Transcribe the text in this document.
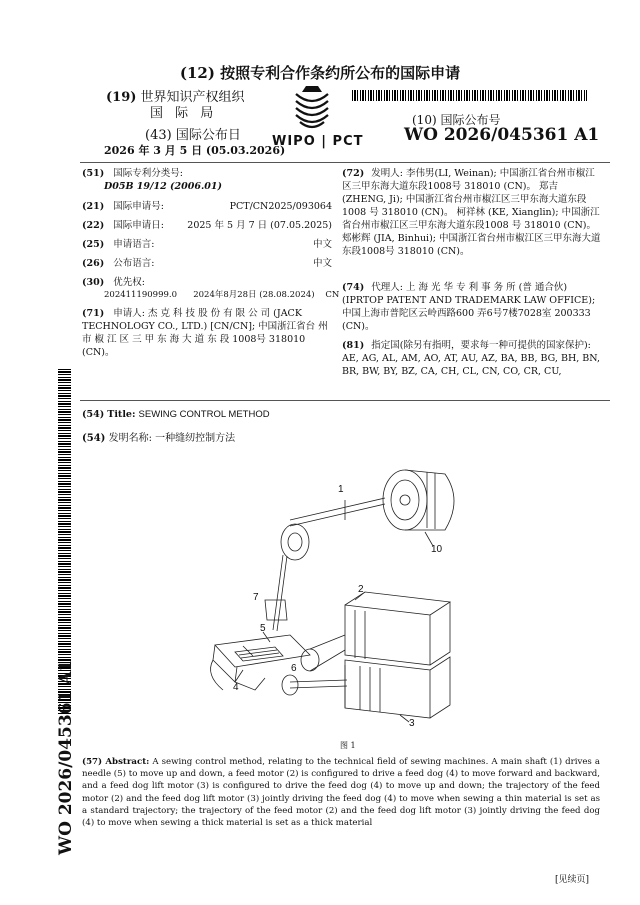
(12) 按照专利合作条约所公布的国际申请
(19) 世界知识产权组织
国 际 局
(43) 国际公布日
2026 年 3 月 5 日 (05.03.2026)
WIPO | PCT
(10) 国际公布号
WO 2026/045361 A1
(51) 国际专利分类号:
D05B 19/12 (2006.01)
(21) 国际申请号:	PCT/CN2025/093064
(22) 国际申请日: 2025 年 5 月 7 日 (07.05.2025)
(25) 申请语言:	中文
(26) 公布语言:	中文
(30) 优先权:
202411190999.0      2024年8月28日 (28.08.2024)    CN
(71) 申请人: 杰 克 科 技 股 份 有 限 公 司 (JACK TECHNOLOGY CO., LTD.) [CN/CN]; 中国浙江省台 州 市 椒 江 区 三 甲 东 海 大 道 东 段 1008号 318010 (CN)。
(72) 发明人: 李伟男(LI, Weinan); 中国浙江省台州市椒江区三甲东海大道东段1008号 318010 (CN)。 郑吉 (ZHENG, Ji); 中国浙江省台州市椒江区三甲东海大道东段1008 号 318010 (CN)。 柯祥林 (KE, Xianglin); 中国浙江省台州市椒江区三甲东海大道东段1008 号 318010 (CN)。 郏彬辉 (JIA, Binhui); 中国浙江省台州市椒江区三甲东海大道东段1008号 318010 (CN)。
(74) 代理人: 上 海 光 华 专 利 事 务 所 (普 通合伙) (IPRTOP PATENT AND TRADEMARK LAW OFFICE); 中国上海市普陀区云岭西路600 弄6号7楼7028室 200333 (CN)。
(81) 指定国(除另有指明，要求每一种可提供的国家保护): AE, AG, AL, AM, AO, AT, AU, AZ, BA, BB, BG, BH, BN, BR, BW, BY, BZ, CA, CH, CL, CN, CO, CR, CU,
(54) Title: SEWING CONTROL METHOD
(54) 发明名称: 一种缝纫控制方法
WO 2026/045361 A1
1
2
3
4
5
6
7
10
图 1
(57) Abstract: A sewing control method, relating to the technical field of sewing machines. A main shaft (1) drives a needle (5) to move up and down, a feed motor (2) is configured to drive a feed dog (4) to move forward and backward, and a feed dog lift motor (3) is configured to drive the feed dog (4) to move up and down; the trajectory of the feed motor (2) and the feed dog lift motor (3) jointly driving the feed dog (4) to move when sewing a thin material is set as a standard trajectory; the trajectory of the feed motor (2) and the feed dog lift motor (3) jointly driving the feed dog (4) to move when sewing a thick material is set as a thick material
[见续页]
